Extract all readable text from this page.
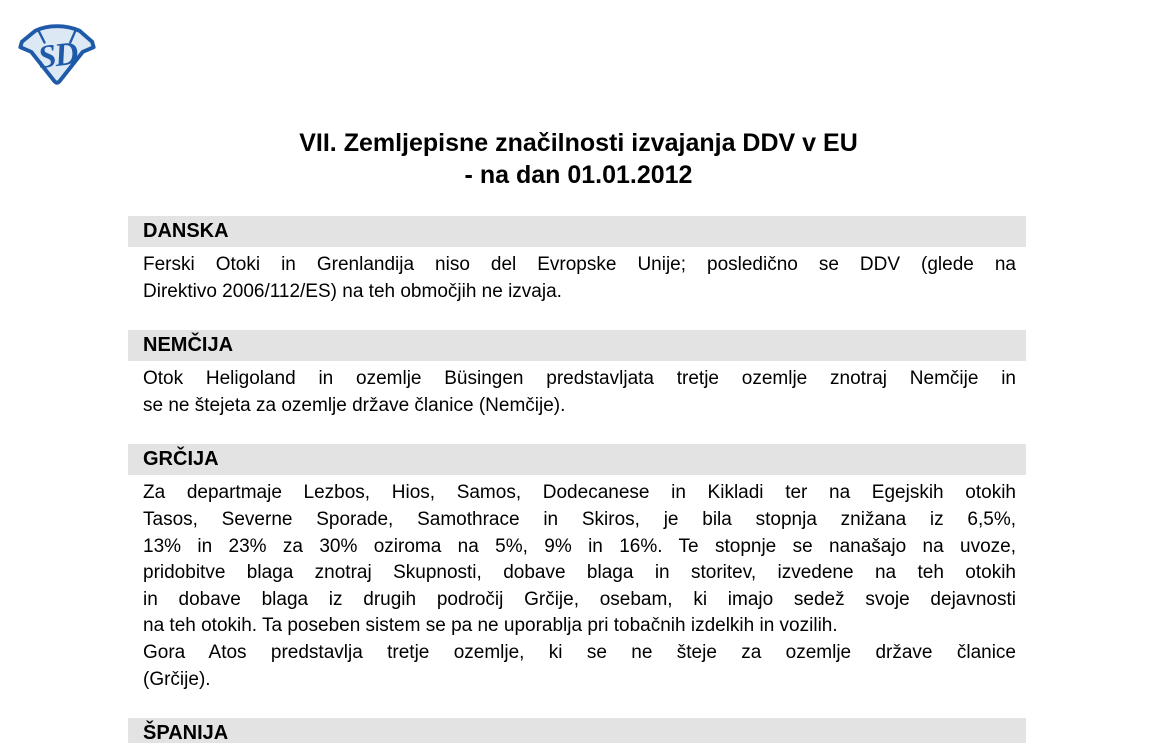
SD
VII. Zemljepisne značilnosti izvajanja DDV v EU
- na dan 01.01.2012
DANSKA
Ferski Otoki in Grenlandija niso del Evropske Unije; posledično se DDV (glede na
Direktivo 2006/112/ES) na teh območjih ne izvaja.
NEMČIJA
Otok Heligoland in ozemlje Büsingen predstavljata tretje ozemlje znotraj Nemčije in
se ne štejeta za ozemlje države članice (Nemčije).
GRČIJA
Za departmaje Lezbos, Hios, Samos, Dodecanese in Kikladi ter na Egejskih otokih
Tasos, Severne Sporade, Samothrace in Skiros, je bila stopnja znižana iz 6,5%,
13% in 23% za 30% oziroma na 5%, 9% in 16%. Te stopnje se nanašajo na uvoze,
pridobitve blaga znotraj Skupnosti, dobave blaga in storitev, izvedene na teh otokih
in dobave blaga iz drugih področij Grčije, osebam, ki imajo sedež svoje dejavnosti
na teh otokih. Ta poseben sistem se pa ne uporablja pri tobačnih izdelkih in vozilih.
Gora Atos predstavlja tretje ozemlje, ki se ne šteje za ozemlje države članice
(Grčije).
ŠPANIJA
